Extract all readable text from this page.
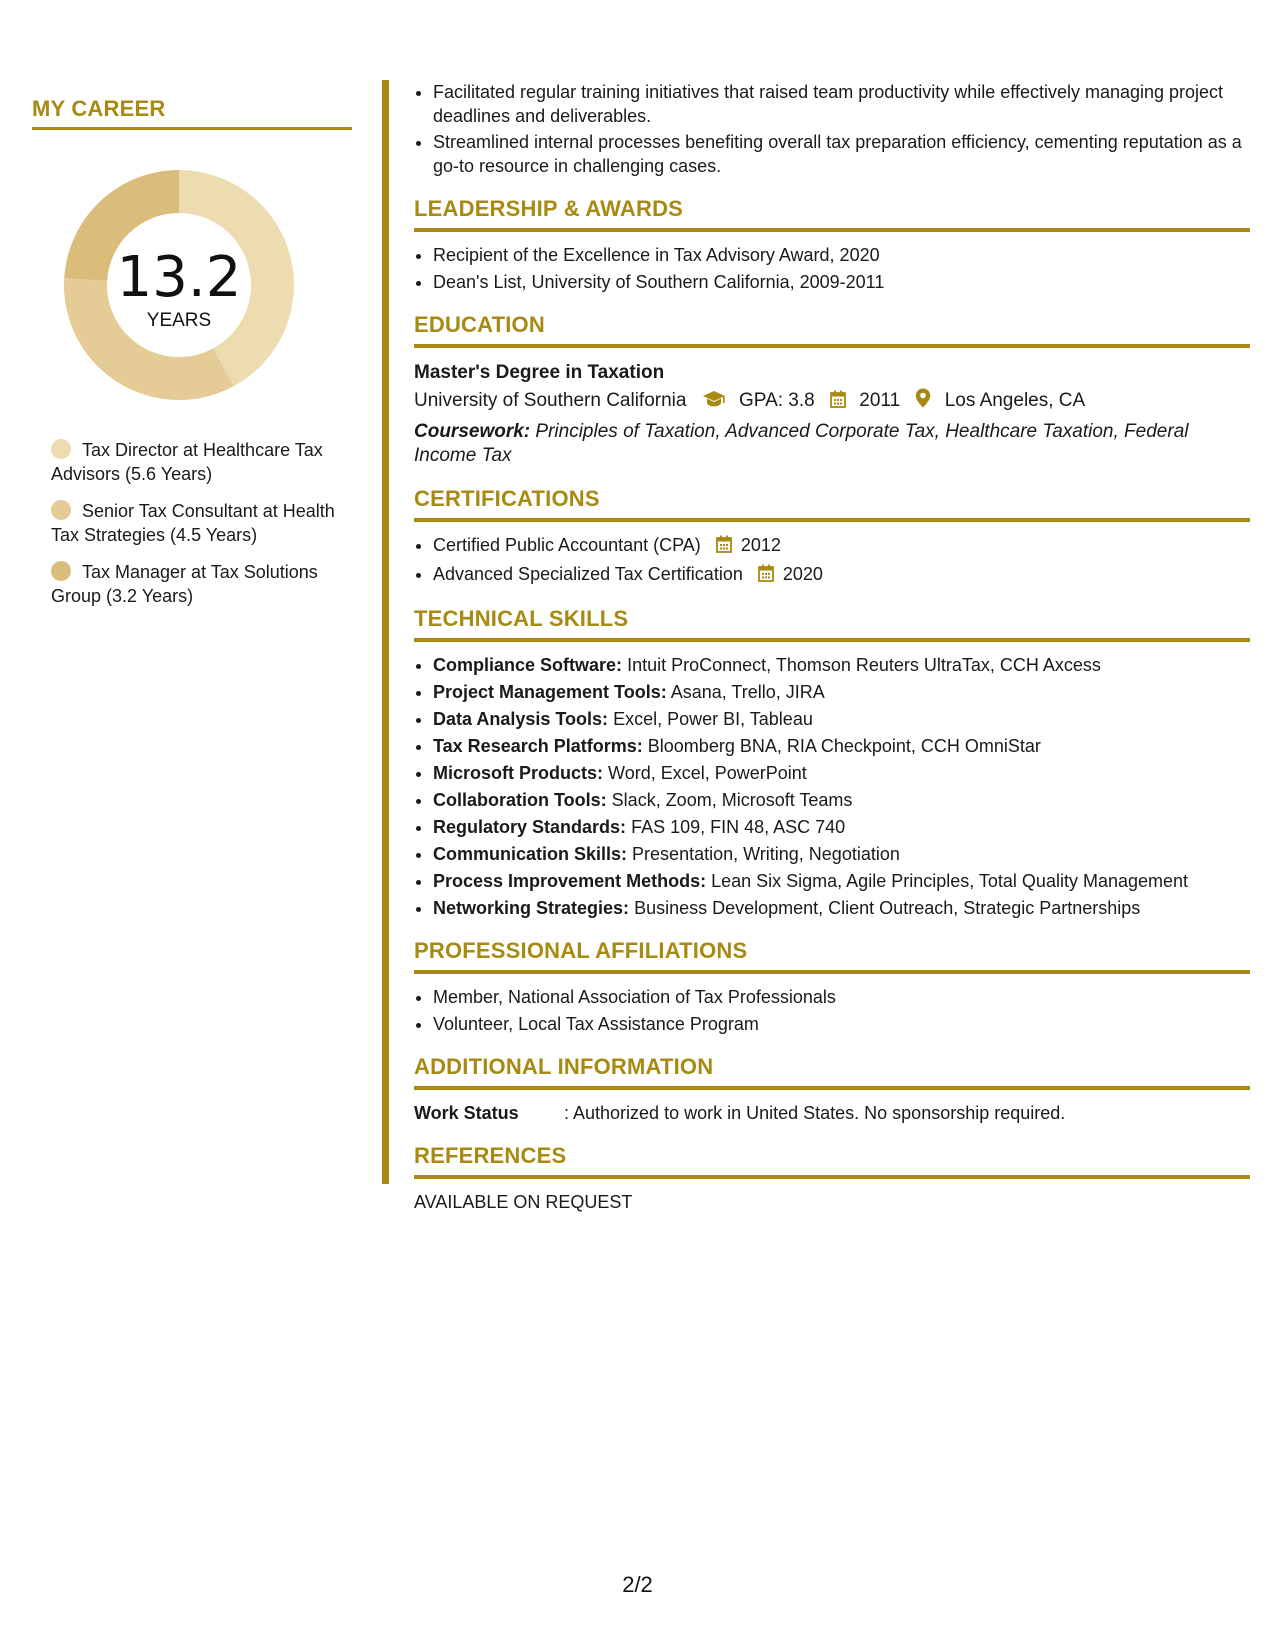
MY CAREER
13.2
YEARS
Tax Director at Healthcare Tax Advisors (5.6 Years)
Senior Tax Consultant at Health Tax Strategies (4.5 Years)
Tax Manager at Tax Solutions Group (3.2 Years)
• Facilitated regular training initiatives that raised team productivity while effectively managing project deadlines and deliverables.
• Streamlined internal processes benefiting overall tax preparation efficiency, cementing reputation as a go-to resource in challenging cases.
LEADERSHIP & AWARDS
• Recipient of the Excellence in Tax Advisory Award, 2020
• Dean's List, University of Southern California, 2009-2011
EDUCATION
Master's Degree in Taxation
University of Southern California	GPA: 3.8 2011 Los Angeles, CA
Coursework: Principles of Taxation, Advanced Corporate Tax, Healthcare Taxation, Federal Income Tax
CERTIFICATIONS
• Certified Public Accountant (CPA) 2012
• Advanced Specialized Tax Certification 2020
TECHNICAL SKILLS
• Compliance Software: Intuit ProConnect, Thomson Reuters UltraTax, CCH Axcess
• Project Management Tools: Asana, Trello, JIRA
• Data Analysis Tools: Excel, Power BI, Tableau
• Tax Research Platforms: Bloomberg BNA, RIA Checkpoint, CCH OmniStar
• Microsoft Products: Word, Excel, PowerPoint
• Collaboration Tools: Slack, Zoom, Microsoft Teams
• Regulatory Standards: FAS 109, FIN 48, ASC 740
• Communication Skills: Presentation, Writing, Negotiation
• Process Improvement Methods: Lean Six Sigma, Agile Principles, Total Quality Management
• Networking Strategies: Business Development, Client Outreach, Strategic Partnerships
PROFESSIONAL AFFILIATIONS
• Member, National Association of Tax Professionals
• Volunteer, Local Tax Assistance Program
ADDITIONAL INFORMATION
Work Status	: Authorized to work in United States. No sponsorship required.
REFERENCES
AVAILABLE ON REQUEST
2/2
